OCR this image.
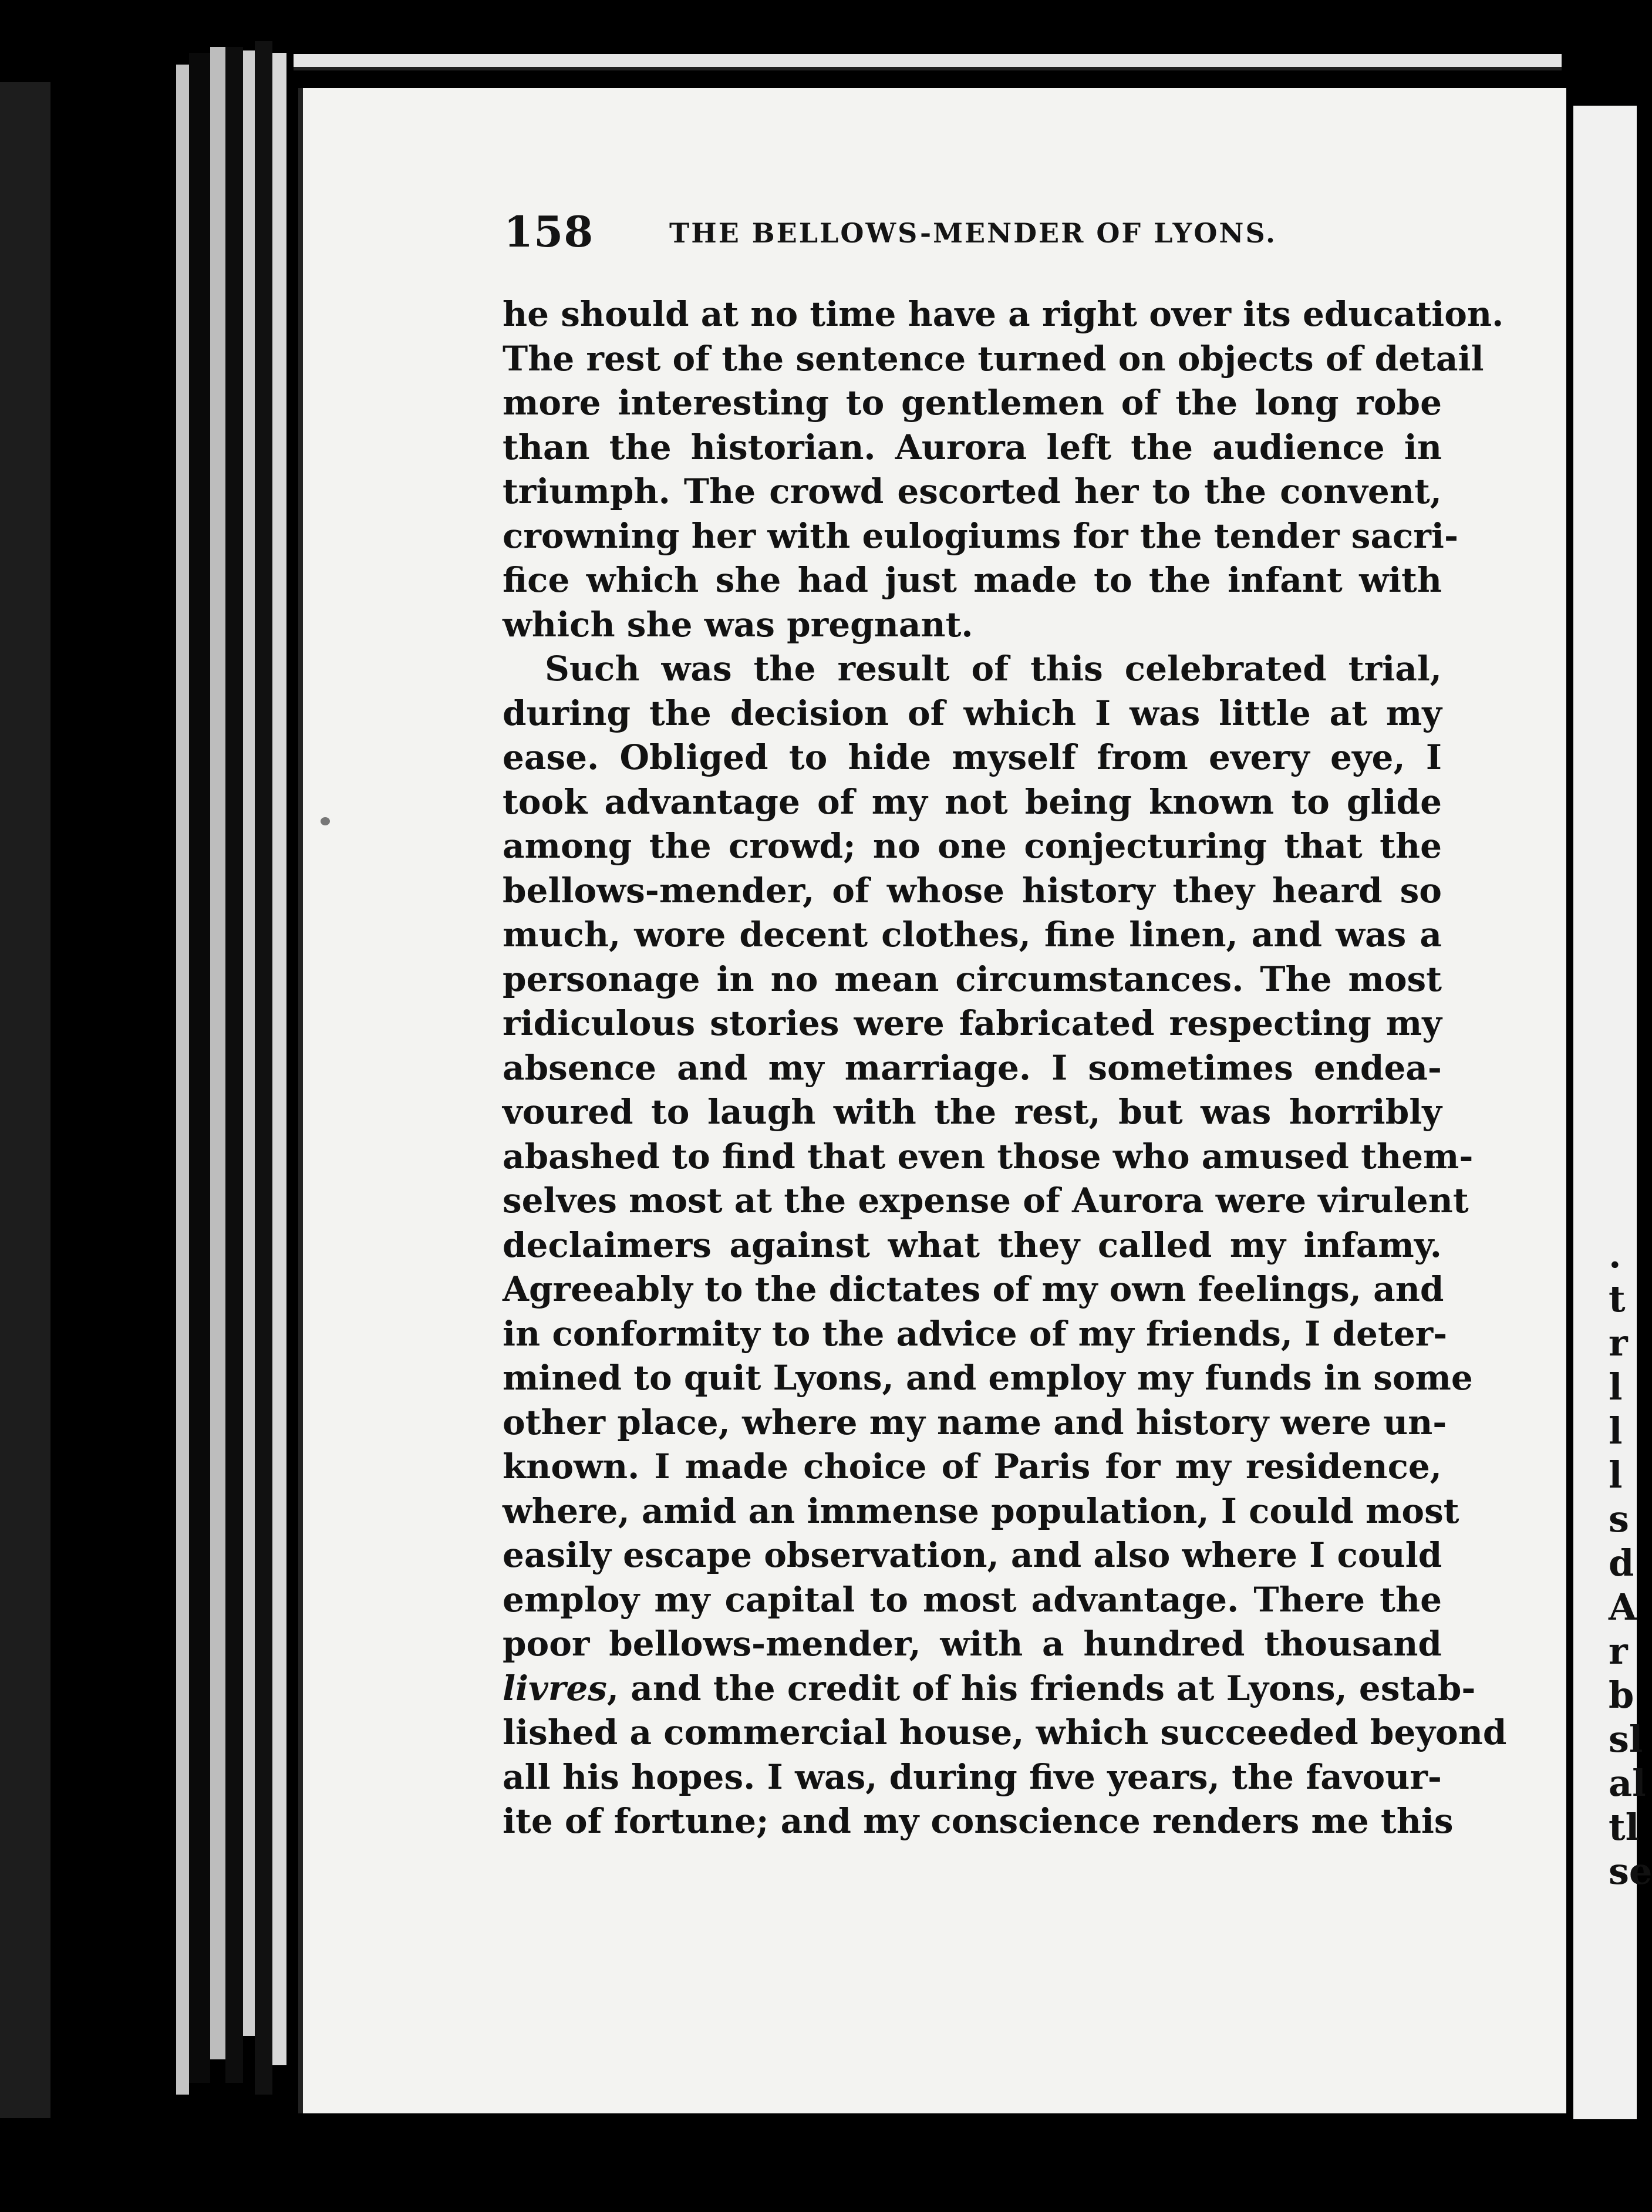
.
t
r
l
l
l
s
d
A
r
b
sl
al
tl
se
158	THE BELLOWS-MENDER OF LYONS.
he should at no time have a right over its education.
The rest of the sentence turned on objects of detail
more interesting to gentlemen of the long robe
than the historian. Aurora left the audience in
triumph. The crowd escorted her to the convent,
crowning her with eulogiums for the tender sacri-
fice which she had just made to the infant with
which she was pregnant.
Such was the result of this celebrated trial,
during the decision of which I was little at my
ease. Obliged to hide myself from every eye, I
took advantage of my not being known to glide
among the crowd; no one conjecturing that the
bellows-mender, of whose history they heard so
much, wore decent clothes, fine linen, and was a
personage in no mean circumstances. The most
ridiculous stories were fabricated respecting my
absence and my marriage. I sometimes endea-
voured to laugh with the rest, but was horribly
abashed to find that even those who amused them-
selves most at the expense of Aurora were virulent
declaimers against what they called my infamy.
Agreeably to the dictates of my own feelings, and
in conformity to the advice of my friends, I deter-
mined to quit Lyons, and employ my funds in some
other place, where my name and history were un-
known. I made choice of Paris for my residence,
where, amid an immense population, I could most
easily escape observation, and also where I could
employ my capital to most advantage. There the
poor bellows-mender, with a hundred thousand
livres, and the credit of his friends at Lyons, estab-
lished a commercial house, which succeeded beyond
all his hopes. I was, during five years, the favour-
ite of fortune; and my conscience renders me this
